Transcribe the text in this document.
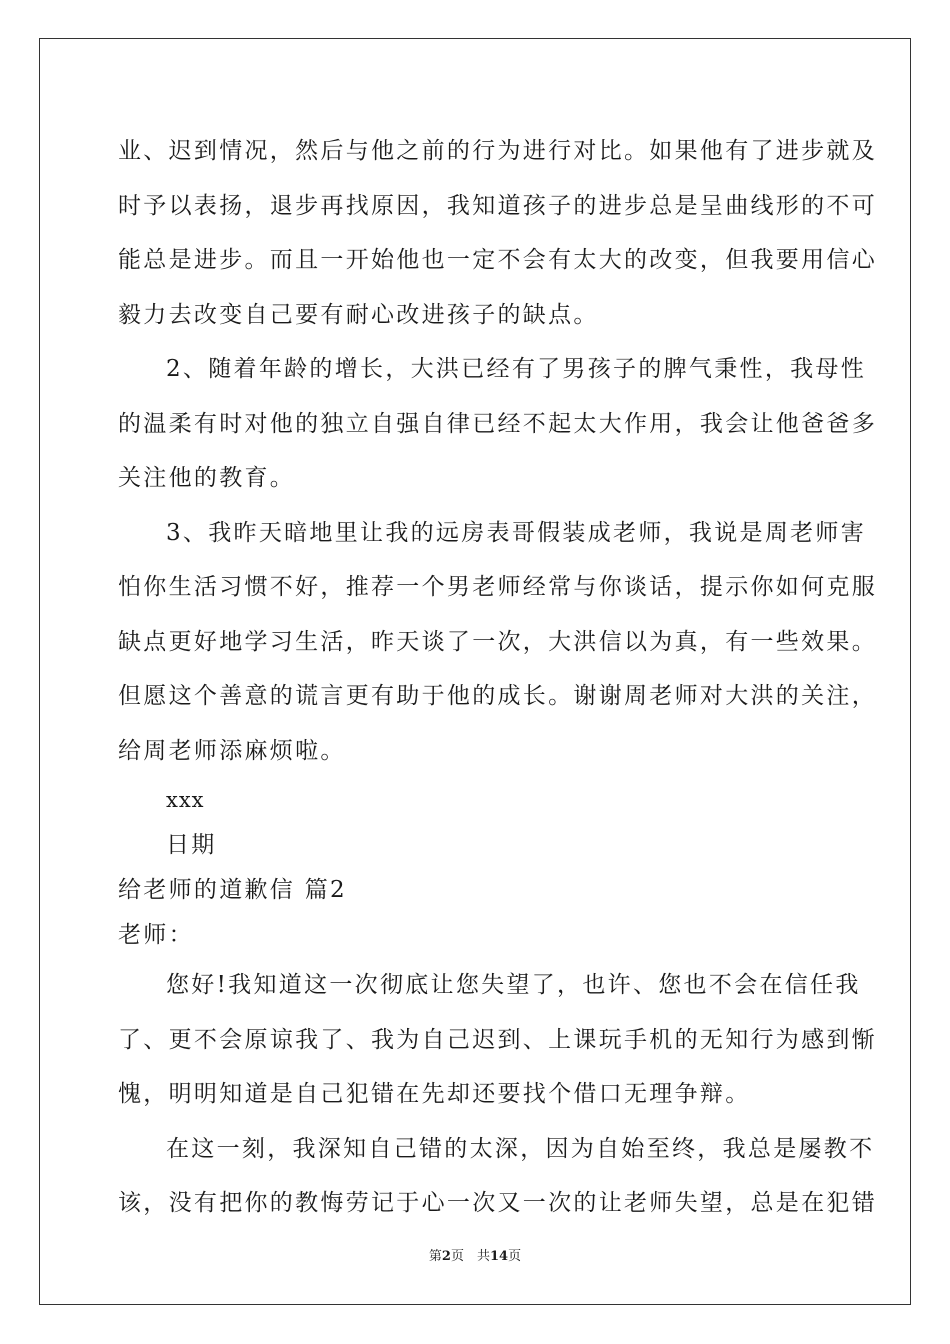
业、迟到情况，然后与他之前的行为进行对比。如果他有了进步就及
时予以表扬，退步再找原因，我知道孩子的进步总是呈曲线形的不可
能总是进步。而且一开始他也一定不会有太大的改变，但我要用信心
毅力去改变自己要有耐心改进孩子的缺点。
2、随着年龄的增长，大洪已经有了男孩子的脾气秉性，我母性
的温柔有时对他的独立自强自律已经不起太大作用，我会让他爸爸多
关注他的教育。
3、我昨天暗地里让我的远房表哥假装成老师，我说是周老师害
怕你生活习惯不好，推荐一个男老师经常与你谈话，提示你如何克服
缺点更好地学习生活，昨天谈了一次，大洪信以为真，有一些效果。
但愿这个善意的谎言更有助于他的成长。谢谢周老师对大洪的关注，
给周老师添麻烦啦。
xxx
日期
给老师的道歉信 篇2
老师：
您好!我知道这一次彻底让您失望了，也许、您也不会在信任我
了、更不会原谅我了、我为自己迟到、上课玩手机的无知行为感到惭
愧，明明知道是自己犯错在先却还要找个借口无理争辩。
在这一刻，我深知自己错的太深，因为自始至终，我总是屡教不
该，没有把你的教悔劳记于心一次又一次的让老师失望，总是在犯错
第2页　共14页
